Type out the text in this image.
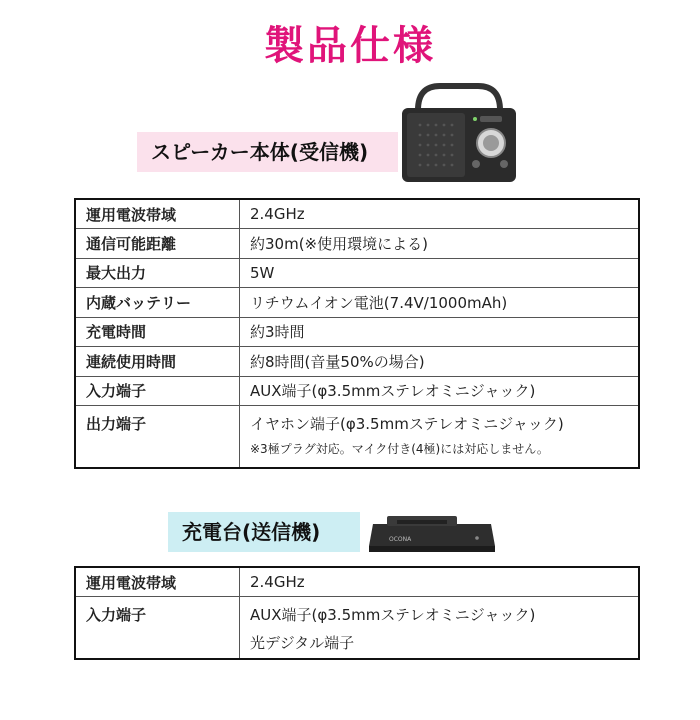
製品仕様
スピーカー本体(受信機)
運用電波帯域	2.4GHz
通信可能距離	約30m(※使用環境による)
最大出力	5W
内蔵バッテリー	リチウムイオン電池(7.4V/1000mAh)
充電時間	約3時間
連続使用時間	約8時間(音量50%の場合)
入力端子	AUX端子(φ3.5mmステレオミニジャック)
出力端子	イヤホン端子(φ3.5mmステレオミニジャック)
※3極プラグ対応。マイク付き(4極)には対応しません。
充電台(送信機)	OCONA
運用電波帯域	2.4GHz
入力端子	AUX端子(φ3.5mmステレオミニジャック)
光デジタル端子
